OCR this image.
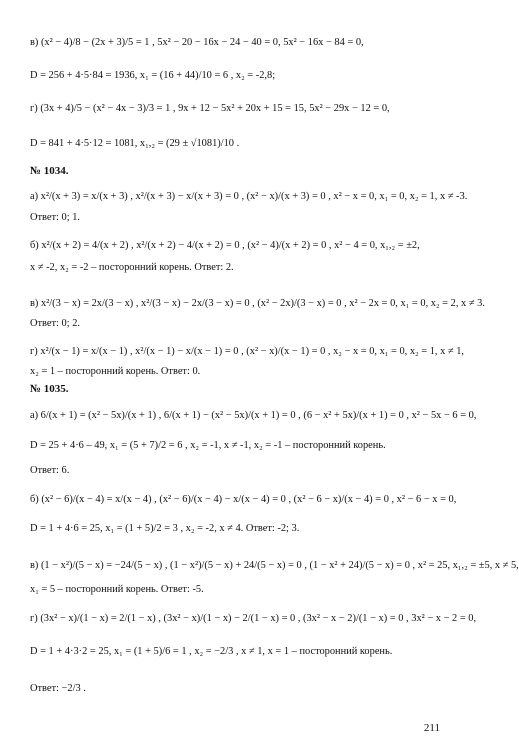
в) (x² − 4)/8 − (2x + 3)/5 = 1 , 5x² − 20 − 16x − 24 − 40 = 0, 5x² − 16x − 84 = 0,
D = 256 + 4·5·84 = 1936, x₁ = (16 + 44)/10 = 6 , x₂ = -2,8;
г) (3x + 4)/5 − (x² − 4x − 3)/3 = 1 , 9x + 12 − 5x² + 20x + 15 = 15, 5x² − 29x − 12 = 0,
D = 841 + 4·5·12 = 1081, x₁,₂ = (29 ± √1081)/10 .
№ 1034.
а) x²/(x + 3) = x/(x + 3) , x²/(x + 3) − x/(x + 3) = 0 , (x² − x)/(x + 3) = 0 , x² − x = 0, x₁ = 0, x₂ = 1, x ≠ -3.
Ответ: 0; 1.
б) x²/(x + 2) = 4/(x + 2) , x²/(x + 2) − 4/(x + 2) = 0 , (x² − 4)/(x + 2) = 0 , x² − 4 = 0, x₁,₂ = ±2,
x ≠ -2, x₂ = -2 – посторонний корень. Ответ: 2.
в) x²/(3 − x) = 2x/(3 − x) , x²/(3 − x) − 2x/(3 − x) = 0 , (x² − 2x)/(3 − x) = 0 , x² − 2x = 0, x₁ = 0, x₂ = 2, x ≠ 3.
Ответ: 0; 2.
г) x²/(x − 1) = x/(x − 1) , x²/(x − 1) − x/(x − 1) = 0 , (x² − x)/(x − 1) = 0 , x₂ − x = 0, x₁ = 0, x₂ = 1, x ≠ 1,
x₂ = 1 – посторонний корень. Ответ: 0.
№ 1035.
а) 6/(x + 1) = (x² − 5x)/(x + 1) , 6/(x + 1) − (x² − 5x)/(x + 1) = 0 , (6 − x² + 5x)/(x + 1) = 0 , x² − 5x − 6 = 0,
D = 25 + 4·6 – 49, x₁ = (5 + 7)/2 = 6 , x₂ = -1, x ≠ -1, x₂ = -1 – посторонний корень.
Ответ: 6.
б) (x² − 6)/(x − 4) = x/(x − 4) , (x² − 6)/(x − 4) − x/(x − 4) = 0 , (x² − 6 − x)/(x − 4) = 0 , x² − 6 − x = 0,
D = 1 + 4·6 = 25, x₁ = (1 + 5)/2 = 3 , x₂ = -2, x ≠ 4. Ответ: -2; 3.
в) (1 − x²)/(5 − x) = −24/(5 − x) , (1 − x²)/(5 − x) + 24/(5 − x) = 0 , (1 − x² + 24)/(5 − x) = 0 , x² = 25, x₁,₂ = ±5, x ≠ 5,
x₁ = 5 – посторонний корень. Ответ: -5.
г) (3x² − x)/(1 − x) = 2/(1 − x) , (3x² − x)/(1 − x) − 2/(1 − x) = 0 , (3x² − x − 2)/(1 − x) = 0 , 3x² − x − 2 = 0,
D = 1 + 4·3·2 = 25, x₁ = (1 + 5)/6 = 1 , x₂ = −2/3 , x ≠ 1, x = 1 – посторонний корень.
Ответ: −2/3 .
211
